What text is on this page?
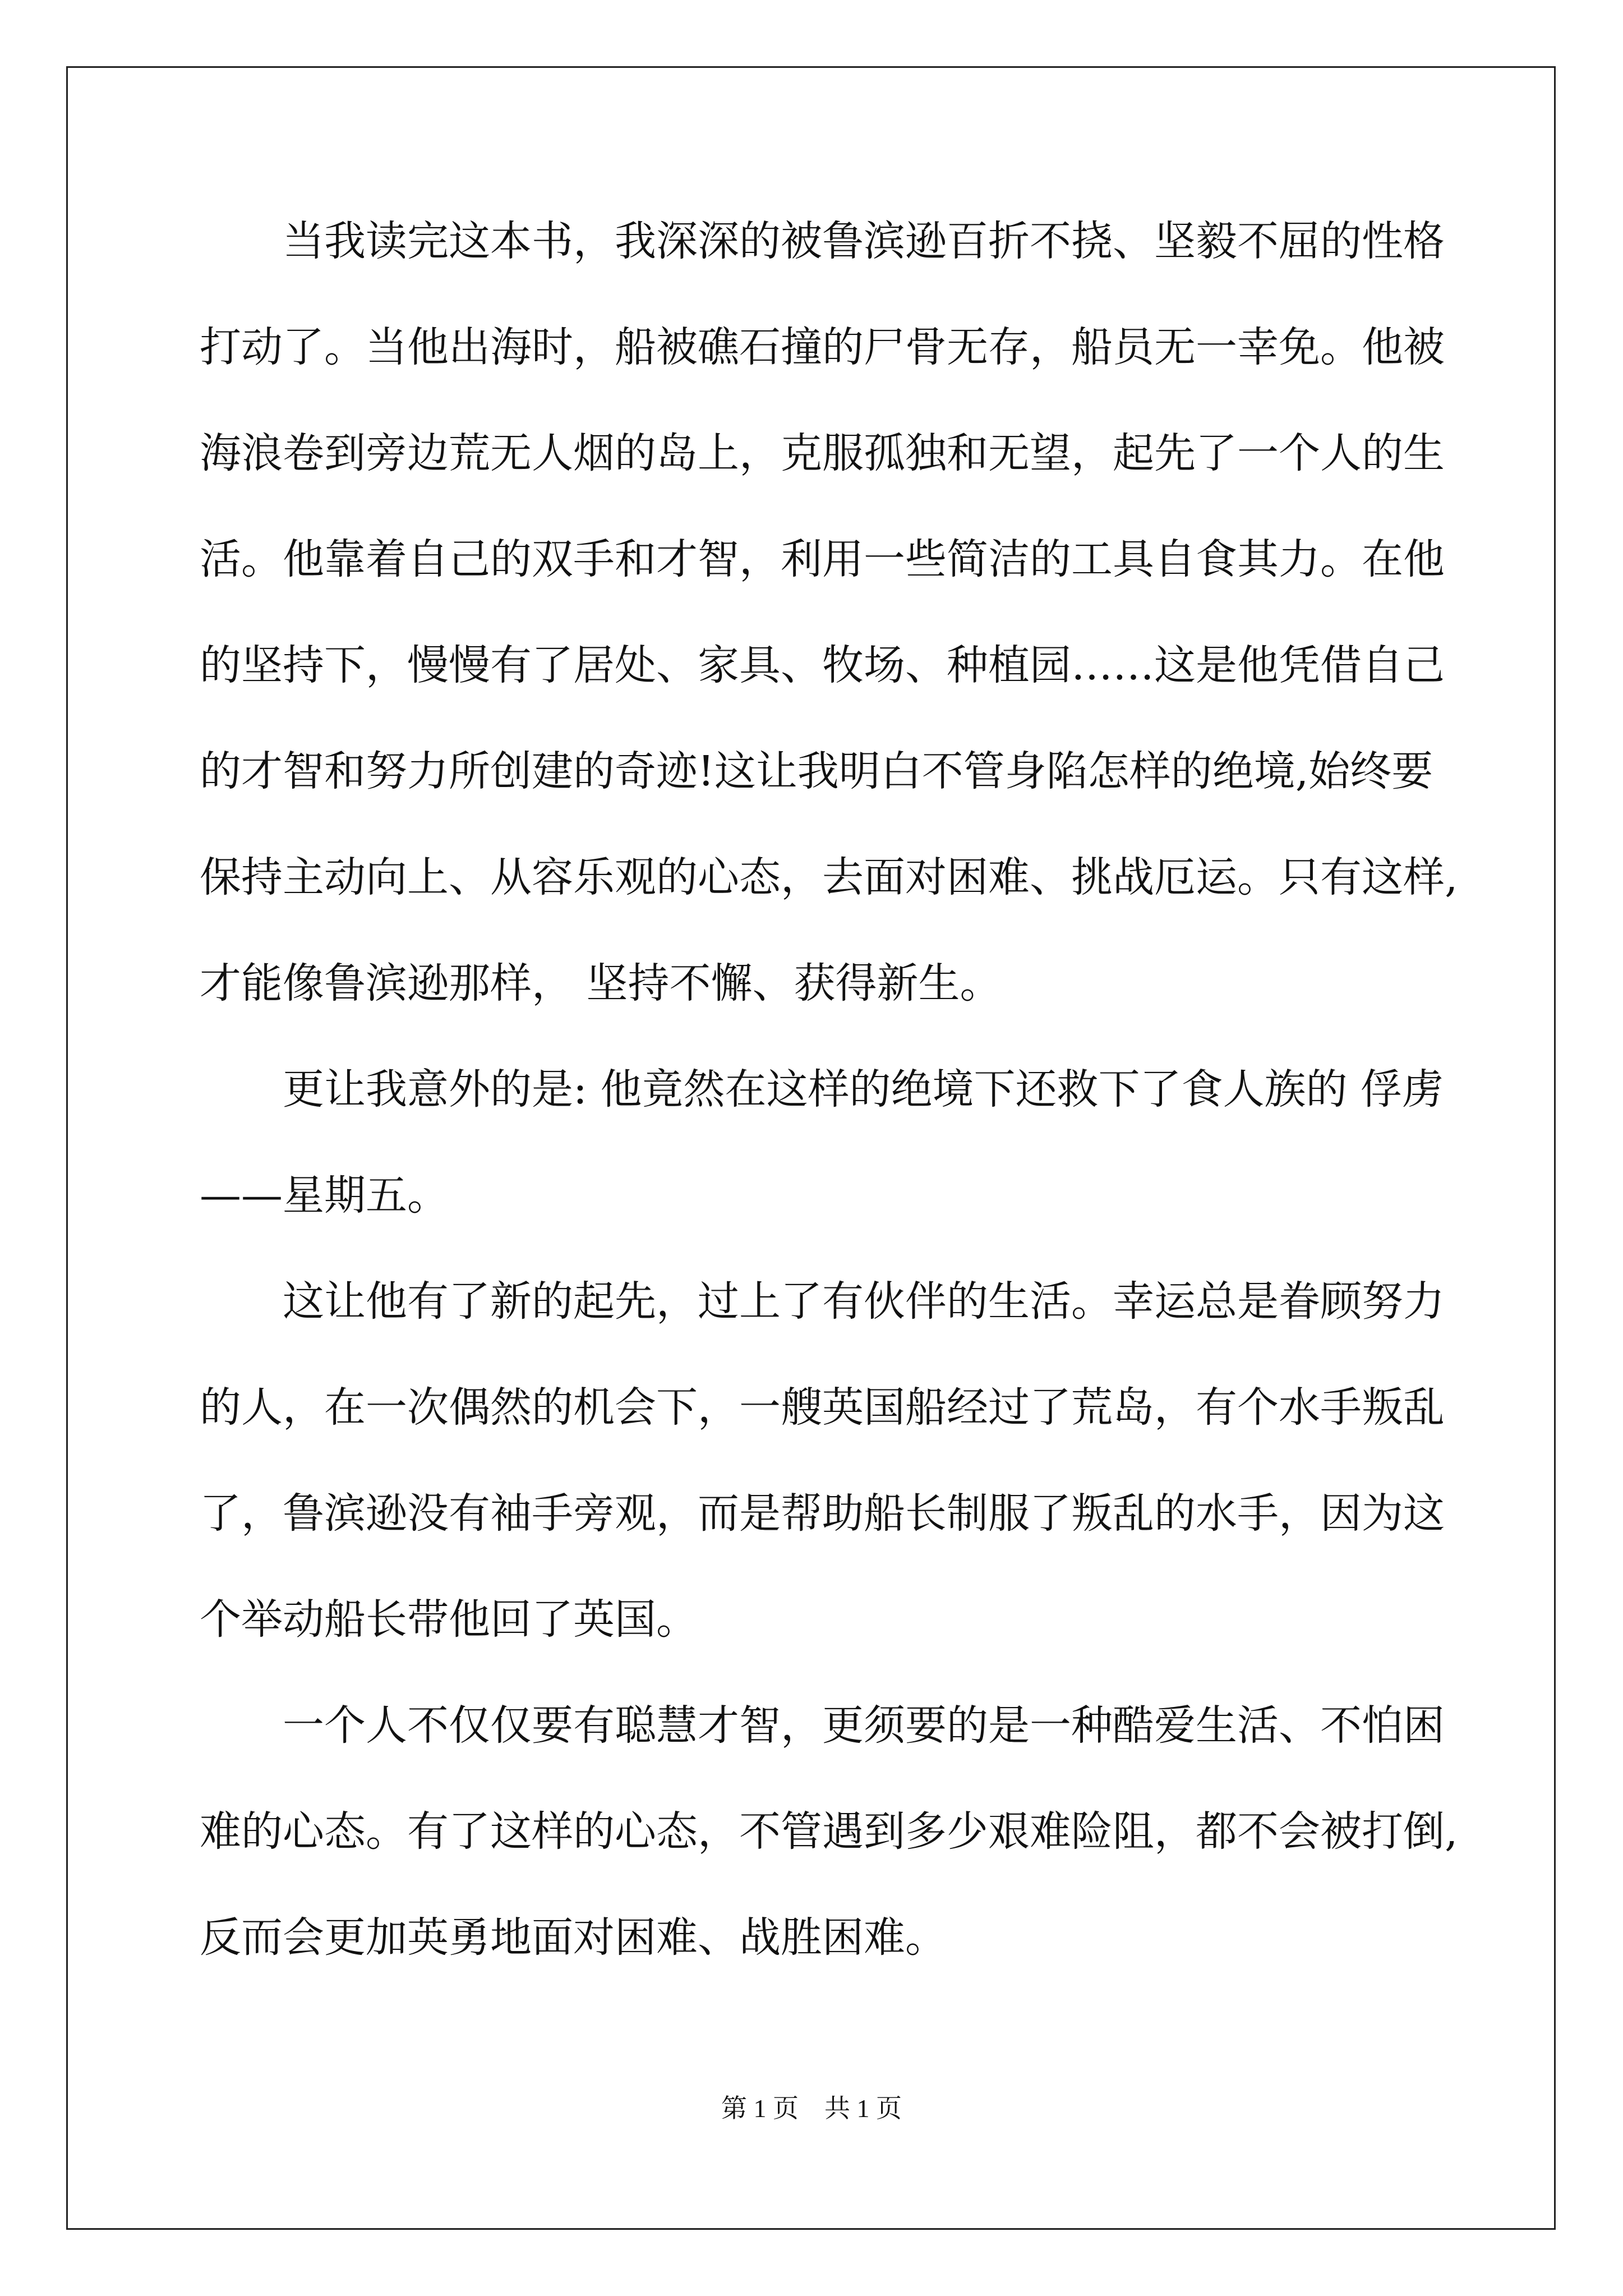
当我读完这本书，我深深的被鲁滨逊百折不挠、坚毅不屈的性格
打动了。当他出海时，船被礁石撞的尸骨无存，船员无一幸免。他被
海浪卷到旁边荒无人烟的岛上，克服孤独和无望，起先了一个人的生
活。他靠着自己的双手和才智，利用一些简洁的工具自食其力。在他
的坚持下，慢慢有了居处、家具、牧场、种植园……这是他凭借自己
的才智和努力所创建的奇迹!这让我明白不管身陷怎样的绝境,始终要
保持主动向上、从容乐观的心态，去面对困难、挑战厄运。只有这样,
才能像鲁滨逊那样， 坚持不懈、获得新生。
更让我意外的是: 他竟然在这样的绝境下还救下了食人族的 俘虏
——星期五。
这让他有了新的起先，过上了有伙伴的生活。幸运总是眷顾努力
的人，在一次偶然的机会下，一艘英国船经过了荒岛，有个水手叛乱
了，鲁滨逊没有袖手旁观，而是帮助船长制服了叛乱的水手，因为这
个举动船长带他回了英国。
一个人不仅仅要有聪慧才智，更须要的是一种酷爱生活、不怕困
难的心态。有了这样的心态，不管遇到多少艰难险阻，都不会被打倒,
反而会更加英勇地面对困难、战胜困难。
第 1 页 共 1 页
